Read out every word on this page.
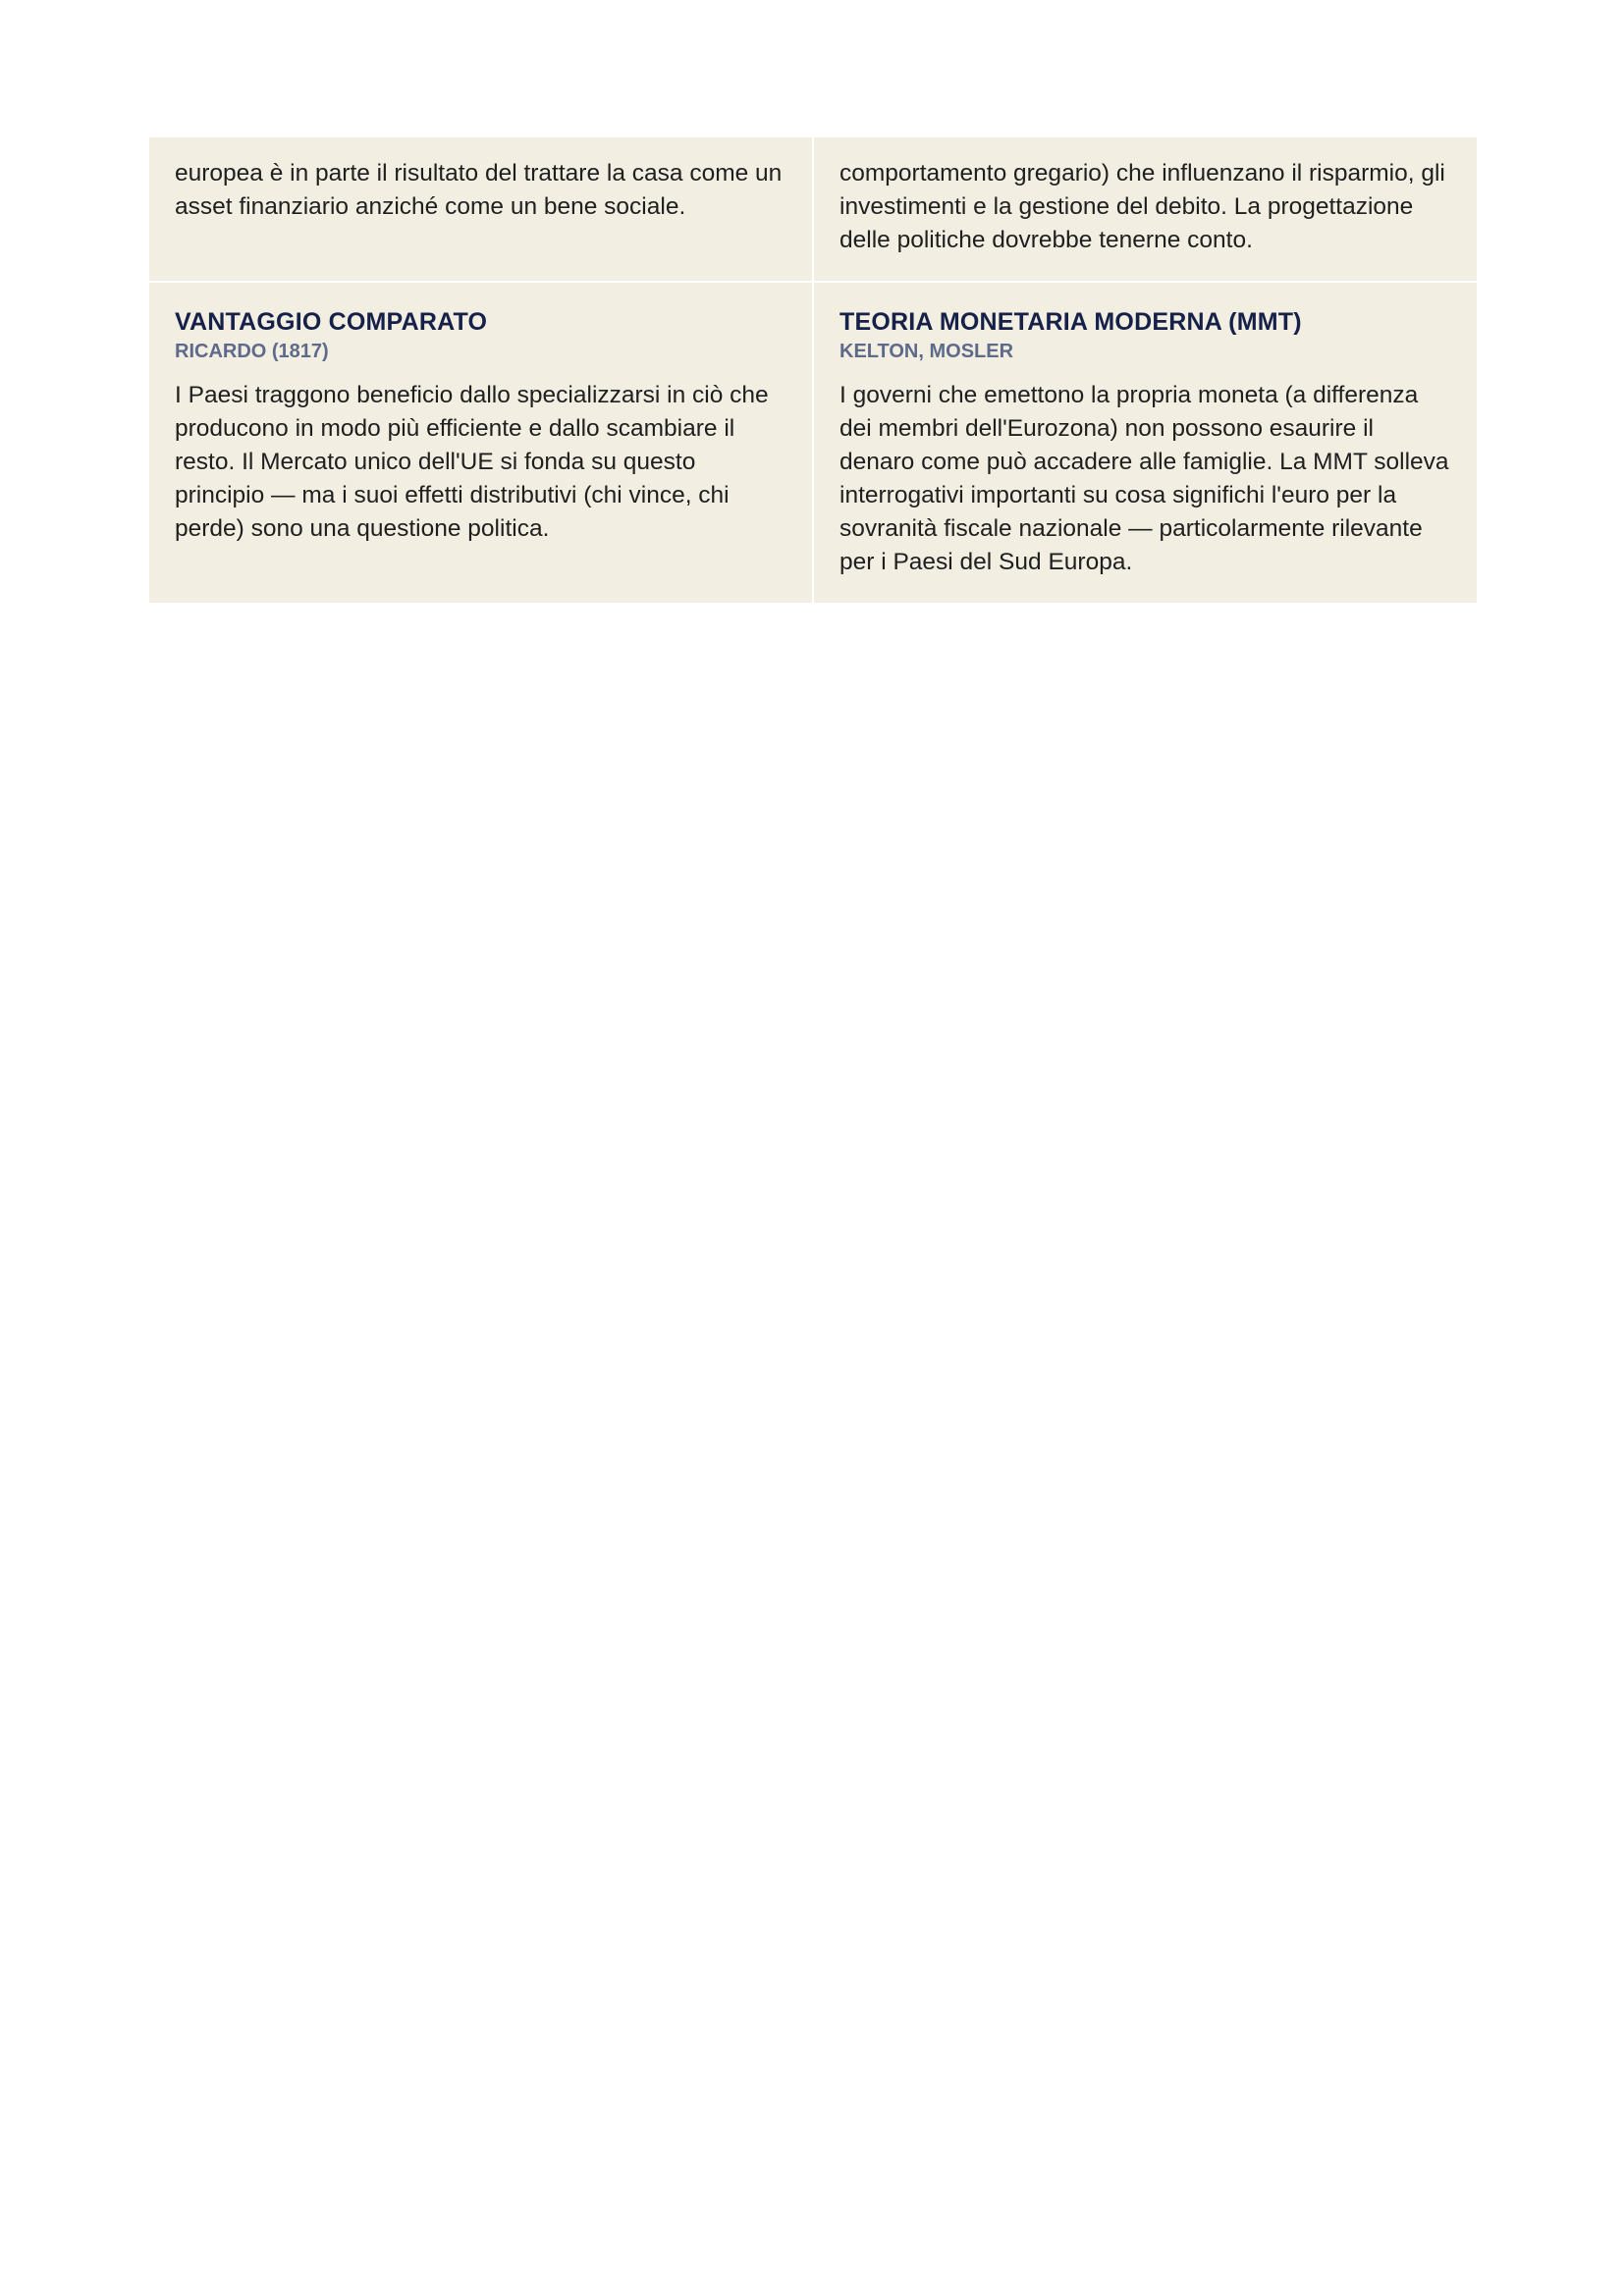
europea è in parte il risultato del trattare la casa come un asset finanziario anziché come un bene sociale.

comportamento gregario) che influenzano il risparmio, gli investimenti e la gestione del debito. La progettazione delle politiche dovrebbe tenerne conto.

VANTAGGIO COMPARATO

RICARDO (1817)

I Paesi traggono beneficio dallo specializzarsi in ciò che producono in modo più efficiente e dallo scambiare il resto. Il Mercato unico dell'UE si fonda su questo principio — ma i suoi effetti distributivi (chi vince, chi perde) sono una questione politica.

TEORIA MONETARIA MODERNA (MMT)

KELTON, MOSLER

I governi che emettono la propria moneta (a differenza dei membri dell'Eurozona) non possono esaurire il denaro come può accadere alle famiglie. La MMT solleva interrogativi importanti su cosa significhi l'euro per la sovranità fiscale nazionale — particolarmente rilevante per i Paesi del Sud Europa.
